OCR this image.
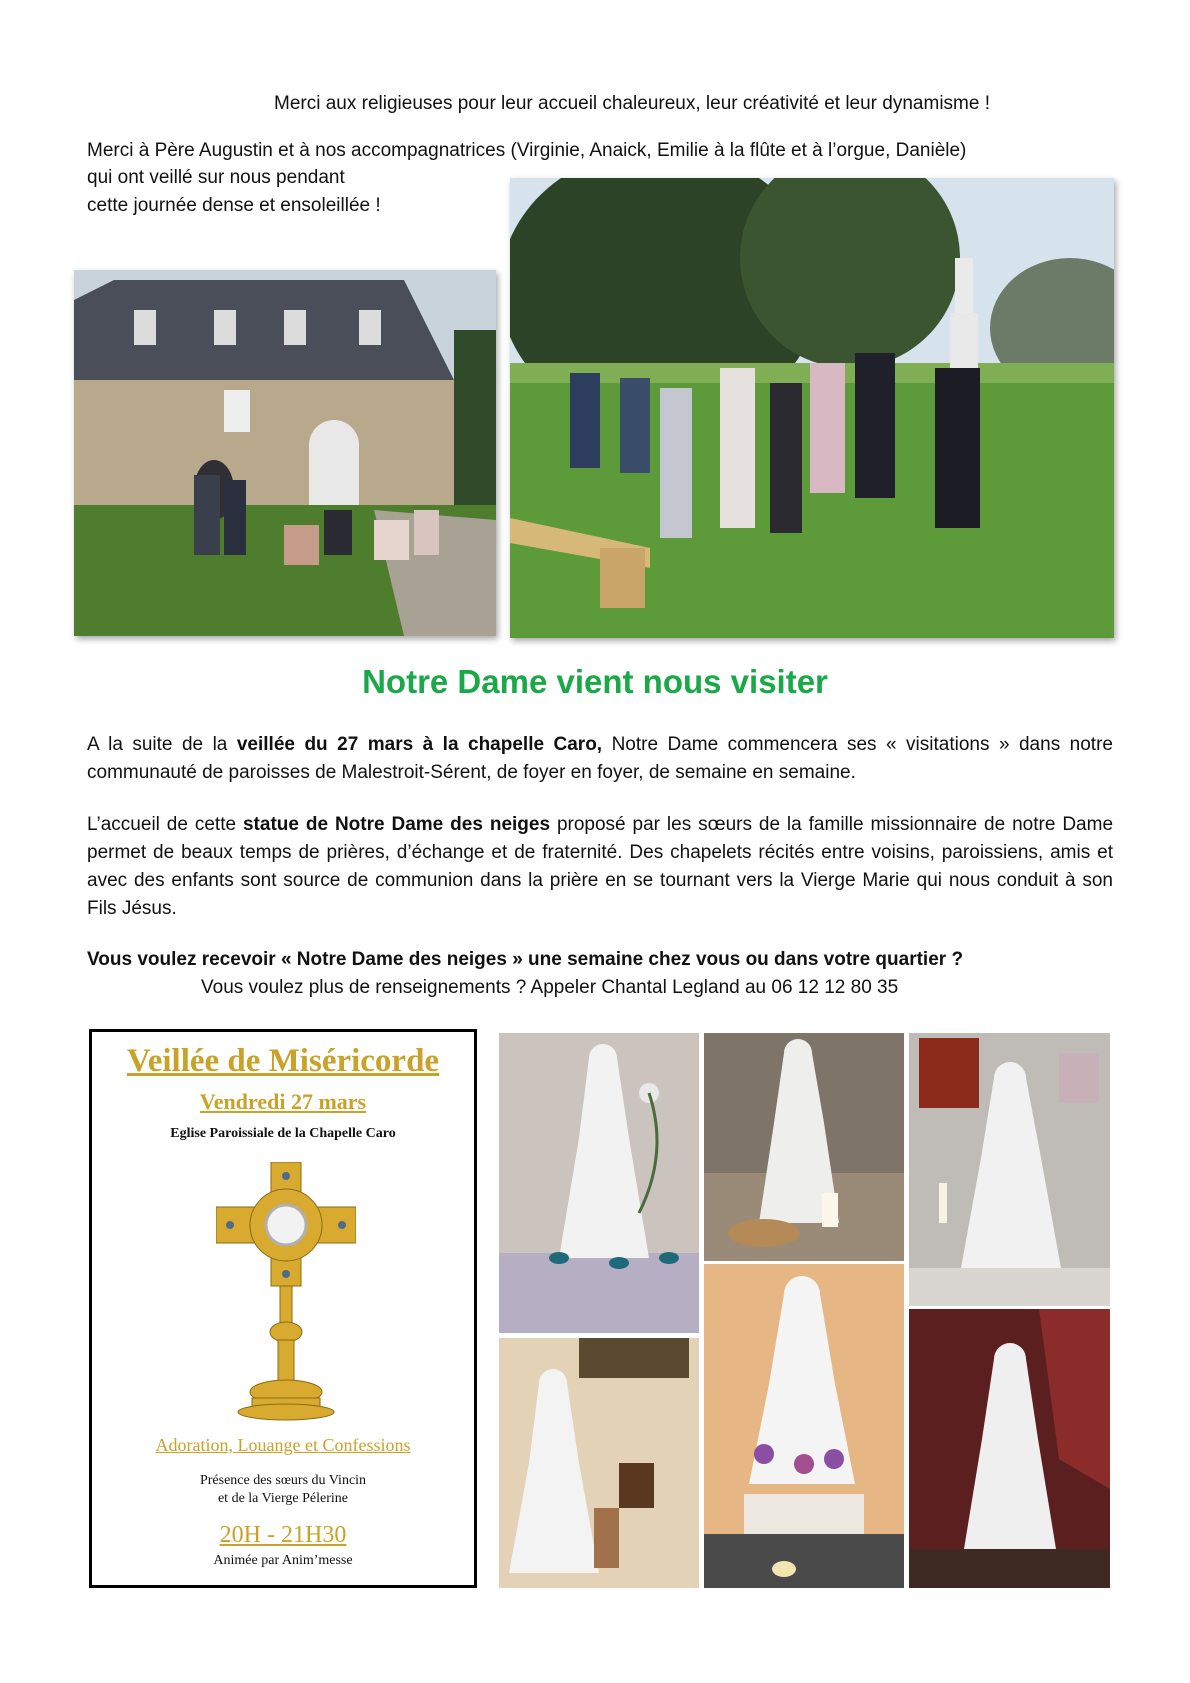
Merci aux religieuses pour leur accueil chaleureux, leur créativité et leur dynamisme !
Merci à Père Augustin et à nos accompagnatrices (Virginie, Anaick, Emilie à la flûte et à l’orgue, Danièle)
qui ont veillé sur nous pendant
cette journée dense et ensoleillée !
Notre Dame vient nous visiter
A la suite de la veillée du 27 mars à la chapelle Caro, Notre Dame commencera ses « visitations » dans notre communauté de paroisses de Malestroit-Sérent, de foyer en foyer, de semaine en semaine.
L’accueil de cette statue de Notre Dame des neiges proposé par les sœurs de la famille missionnaire de notre Dame permet de beaux temps de prières, d’échange et de fraternité. Des chapelets récités entre voisins, paroissiens, amis et avec des enfants sont source de communion dans la prière en se tournant vers la Vierge Marie qui nous conduit à son Fils Jésus.
Vous voulez recevoir « Notre Dame des neiges » une semaine chez vous ou dans votre quartier ?
Vous voulez plus de renseignements ? Appeler Chantal Legland au 06 12 12 80 35
Veillée de Miséricorde
Vendredi 27 mars
Eglise Paroissiale de la Chapelle Caro
Adoration, Louange et Confessions
Présence des sœurs du Vincin
et de la Vierge Pélerine
20H - 21H30
Animée par Anim’messe
